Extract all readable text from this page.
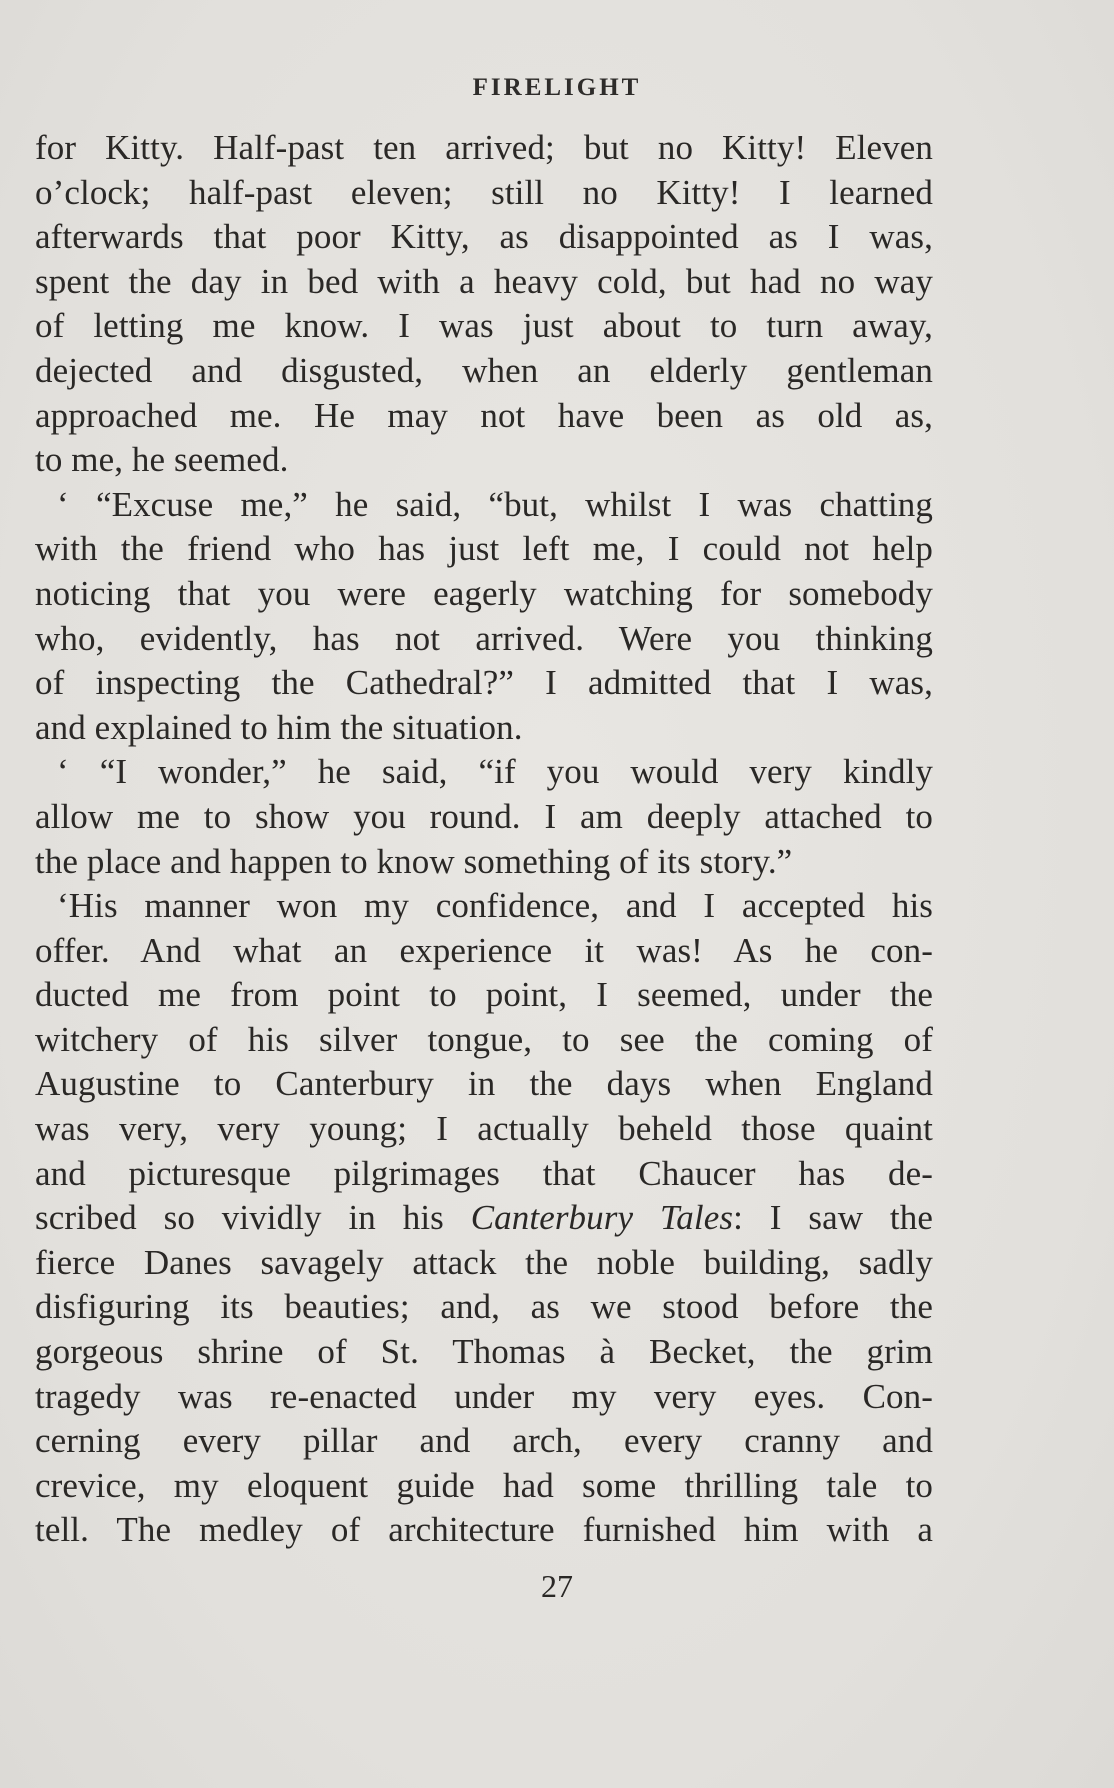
FIRELIGHT
for Kitty. Half-past ten arrived; but no Kitty! Eleven
o’clock; half-past eleven; still no Kitty! I learned
afterwards that poor Kitty, as disappointed as I was,
spent the day in bed with a heavy cold, but had no way
of letting me know. I was just about to turn away,
dejected and disgusted, when an elderly gentleman
approached me. He may not have been as old as,
to me, he seemed.
‘ “Excuse me,” he said, “but, whilst I was chatting
with the friend who has just left me, I could not help
noticing that you were eagerly watching for somebody
who, evidently, has not arrived. Were you thinking
of inspecting the Cathedral?” I admitted that I was,
and explained to him the situation.
‘ “I wonder,” he said, “if you would very kindly
allow me to show you round. I am deeply attached to
the place and happen to know something of its story.”
‘His manner won my confidence, and I accepted his
offer. And what an experience it was! As he con-
ducted me from point to point, I seemed, under the
witchery of his silver tongue, to see the coming of
Augustine to Canterbury in the days when England
was very, very young; I actually beheld those quaint
and picturesque pilgrimages that Chaucer has de-
scribed so vividly in his Canterbury Tales: I saw the
fierce Danes savagely attack the noble building, sadly
disfiguring its beauties; and, as we stood before the
gorgeous shrine of St. Thomas à Becket, the grim
tragedy was re-enacted under my very eyes. Con-
cerning every pillar and arch, every cranny and
crevice, my eloquent guide had some thrilling tale to
tell. The medley of architecture furnished him with a
27
